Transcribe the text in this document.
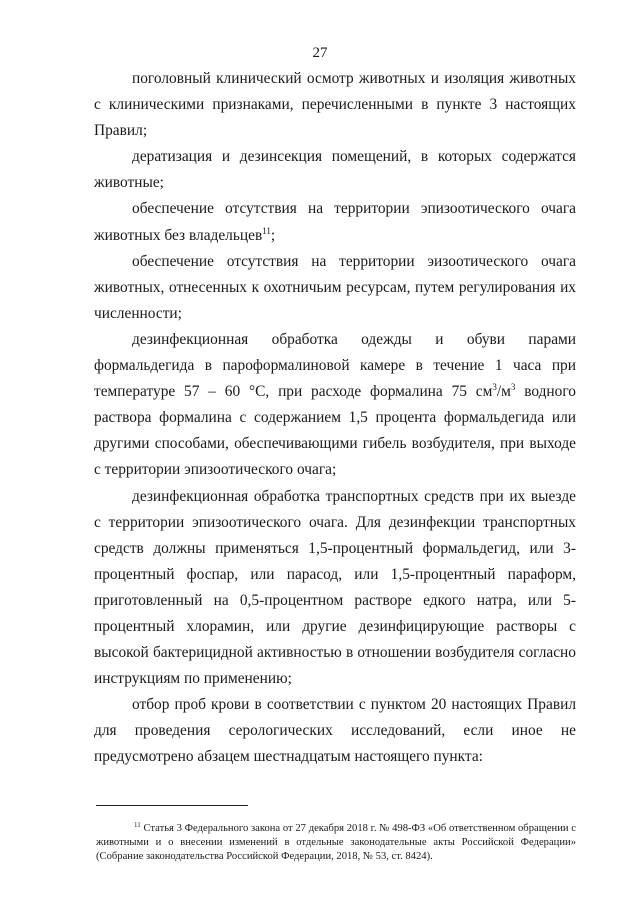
27

поголовный клинический осмотр животных и изоляция животных с клиническими признаками, перечисленными в пункте 3 настоящих Правил;

дератизация и дезинсекция помещений, в которых содержатся животные;

обеспечение отсутствия на территории эпизоотического очага животных без владельцев$^{11}$;

обеспечение отсутствия на территории эизоотического очага животных, отнесенных к охотничьим ресурсам, путем регулирования их численности;

дезинфекционная обработка одежды и обуви парами формальдегида в пароформалиновой камере в течение 1 часа при температуре 57 – 60 °С, при расходе формалина 75 $см^3/м^3$ водного раствора формалина с содержанием 1,5 процента формальдегида или другими способами, обеспечивающими гибель возбудителя, при выходе с территории эпизоотического очага;

дезинфекционная обработка транспортных средств при их выезде с территории эпизоотического очага. Для дезинфекции транспортных средств должны применяться 1,5-процентный формальдегид, или 3-процентный фоспар, или парасод, или 1,5-процентный параформ, приготовленный на 0,5-процентном растворе едкого натра, или 5-процентный хлорамин, или другие дезинфицирующие растворы с высокой бактерицидной активностью в отношении возбудителя согласно инструкциям по применению;

отбор проб крови в соответствии с пунктом 20 настоящих Правил для проведения серологических исследований, если иное не предусмотрено абзацем шестнадцатым настоящего пункта:

$^{11}$ Статья 3 Федерального закона от 27 декабря 2018 г. № 498-ФЗ «Об ответственном обращении с животными и о внесении изменений в отдельные законодательные акты Российской Федерации» (Собрание законодательства Российской Федерации, 2018, № 53, ст. 8424).
